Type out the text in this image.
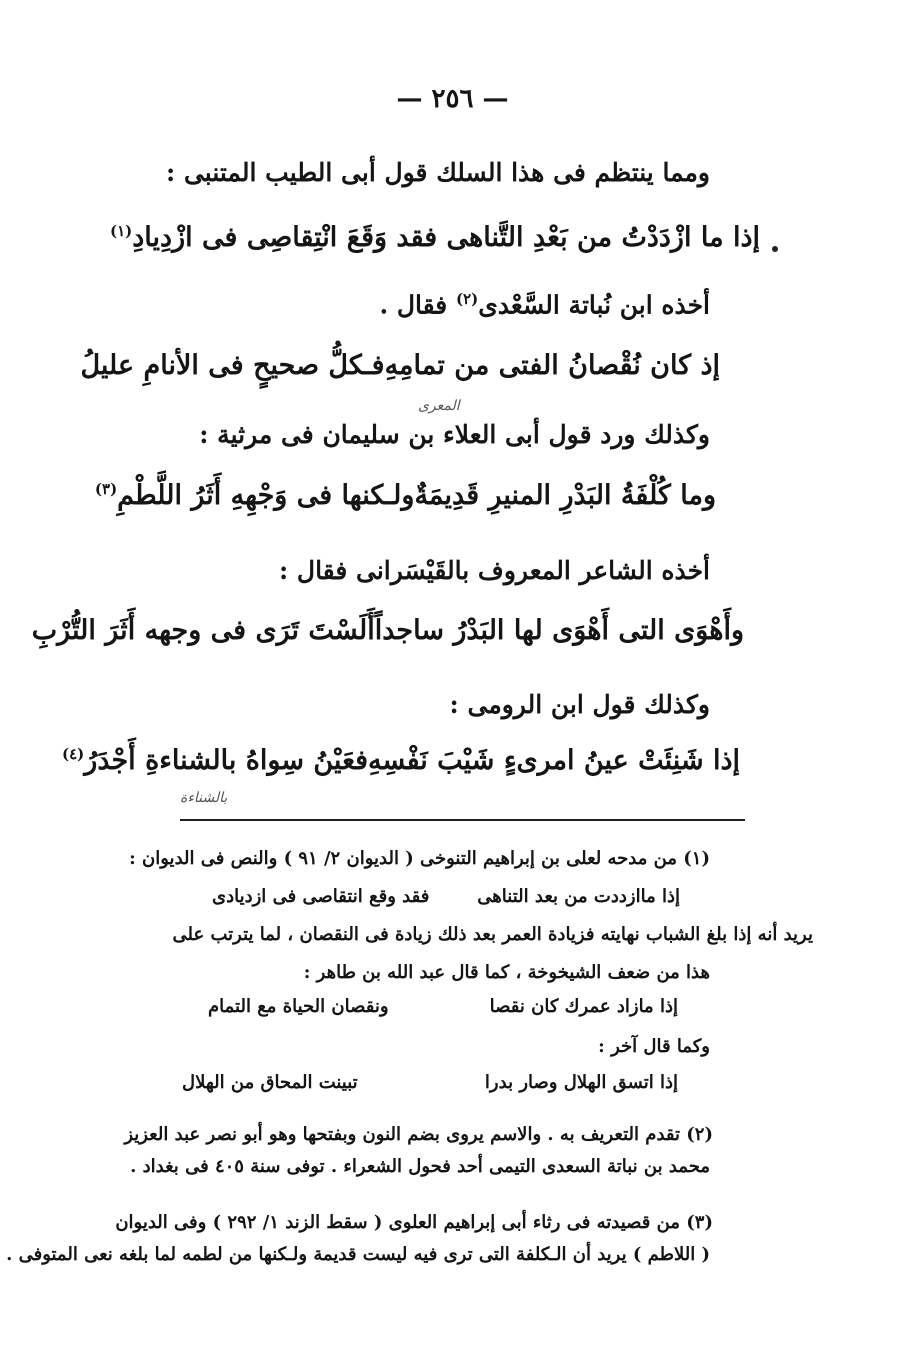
— ٢٥٦ —
ومما ينتظم فى هذا السلك قول أبى الطيب المتنبى :
إذا ما ازْدَدْتُ من بَعْدِ التَّناهى
فقد وَقَعَ انْتِقاصِى فى ازْدِيادِ(١)
أخذه ابن نُباتة السَّعْدى$^{(٢)}$ فقال .
إذ كان نُقْصانُ الفتى من تمامِهِ
فـكلُّ صحيحٍ فى الأنامِ عليلُ
المعرى
وكذلك ورد قول أبى العلاء بن سليمان فى مرثية :
وما كُلْفَةُ البَدْرِ المنيرِ قَدِيمَةٌ
ولـكنها فى وَجْهِهِ أَثَرُ اللَّطْمِ(٣)
أخذه الشاعر المعروف بالقَيْسَرانى فقال :
وأَهْوَى التى أَهْوَى لها البَدْرُ ساجداً
أَلَسْتَ تَرَى فى وجهه أَثَرَ التُّرْبِ
وكذلك قول ابن الرومى :
إذا شَنِئَتْ عينُ امرىءٍ شَيْبَ نَفْسِهِ
فعَيْنُ سِواهُ بالشناءةِ أَجْدَرُ(٤)
بالشناءة
(١) من مدحه لعلى بن إبراهيم التنوخى ( الديوان ٢/ ٩١ ) والنص فى الديوان :
إذا ماازددت من بعد التناهى
فقد وقع انتقاصى فى ازديادى
يريد أنه إذا بلغ الشباب نهايته فزيادة العمر بعد ذلك زيادة فى النقصان ، لما يترتب على
هذا من ضعف الشيخوخة ، كما قال عبد الله بن طاهر :
إذا مازاد عمرك كان نقصا
ونقصان الحياة مع التمام
وكما قال آخر :
إذا اتسق الهلال وصار بدرا
تبينت المحاق من الهلال
(٢) تقدم التعريف به . والاسم يروى بضم النون وبفتحها وهو أبو نصر عبد العزيز
محمد بن نباتة السعدى التيمى أحد فحول الشعراء . توفى سنة ٤٠٥ فى بغداد .
(٣) من قصيدته فى رثاء أبى إبراهيم العلوى ( سقط الزند ١/ ٢٩٢ ) وفى الديوان
( اللاطم ) يريد أن الـكلفة التى ترى فيه ليست قديمة ولـكنها من لطمه لما بلغه نعى المتوفى .
